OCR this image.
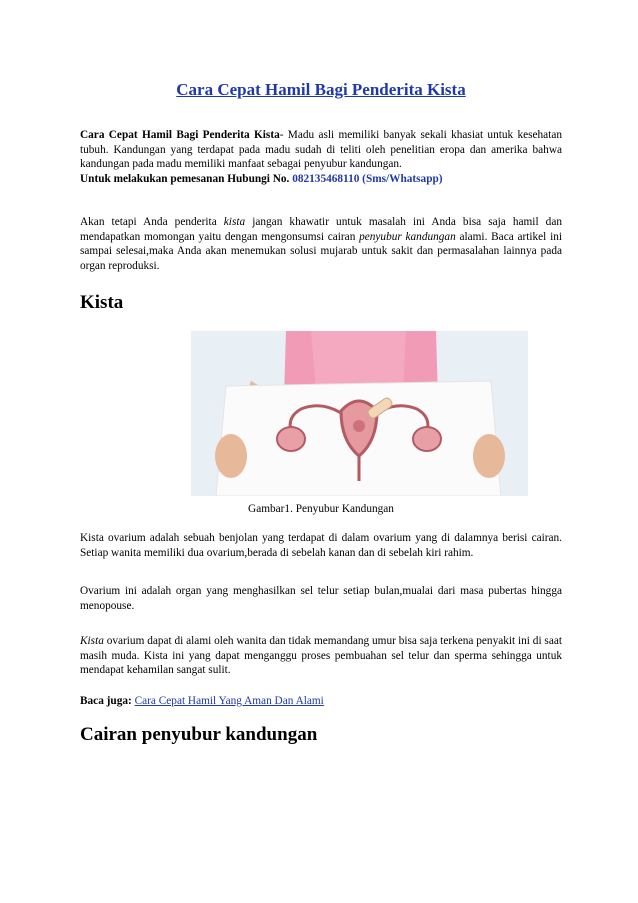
Cara Cepat Hamil Bagi Penderita Kista
Cara Cepat Hamil Bagi Penderita Kista- Madu asli memiliki banyak sekali khasiat untuk kesehatan tubuh. Kandungan yang terdapat pada madu sudah di teliti oleh penelitian eropa dan amerika bahwa kandungan pada madu memiliki manfaat sebagai penyubur kandungan.
Untuk melakukan pemesanan Hubungi No. 082135468110 (Sms/Whatsapp)
Akan tetapi Anda penderita kista jangan khawatir untuk masalah ini Anda bisa saja hamil dan mendapatkan momongan yaitu dengan mengonsumsi cairan penyubur kandungan alami. Baca artikel ini sampai selesai,maka Anda akan menemukan solusi mujarab untuk sakit dan permasalahan lainnya pada organ reproduksi.
Kista
Gambar1. Penyubur Kandungan
Kista ovarium adalah sebuah benjolan yang terdapat di dalam ovarium yang di dalamnya berisi cairan. Setiap wanita memiliki dua ovarium,berada di sebelah kanan dan di sebelah kiri rahim.
Ovarium ini adalah organ yang menghasilkan sel telur setiap bulan,mualai dari masa pubertas hingga menopouse.
Kista ovarium dapat di alami oleh wanita dan tidak memandang umur bisa saja terkena penyakit ini di saat masih muda. Kista ini yang dapat menganggu proses pembuahan sel telur dan sperma sehingga untuk mendapat kehamilan sangat sulit.
Baca juga: Cara Cepat Hamil Yang Aman Dan Alami
Cairan penyubur kandungan
